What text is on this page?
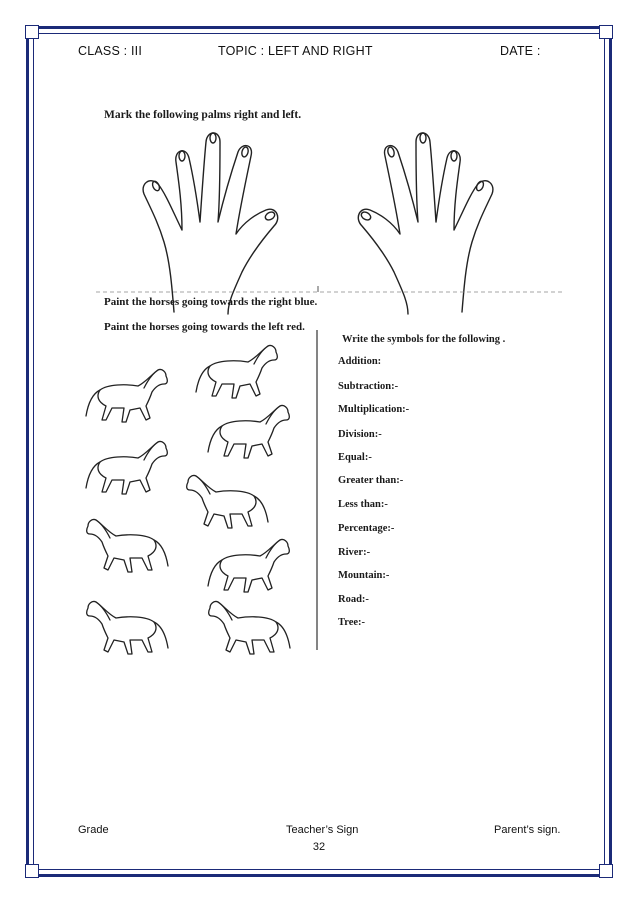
CLASS : III	TOPIC : LEFT AND RIGHT	DATE :
Mark the following palms right and left.
Paint the horses going towards the right blue.
Paint the horses going towards the left red.
Write the symbols for the following .
Addition:
Subtraction:-
Multiplication:-
Division:-
Equal:-
Greater than:-
Less than:-
Percentage:-
River:-
Mountain:-
Road:-
Tree:-
Grade	Teacher’s Sign	Parent’s sign.
32
